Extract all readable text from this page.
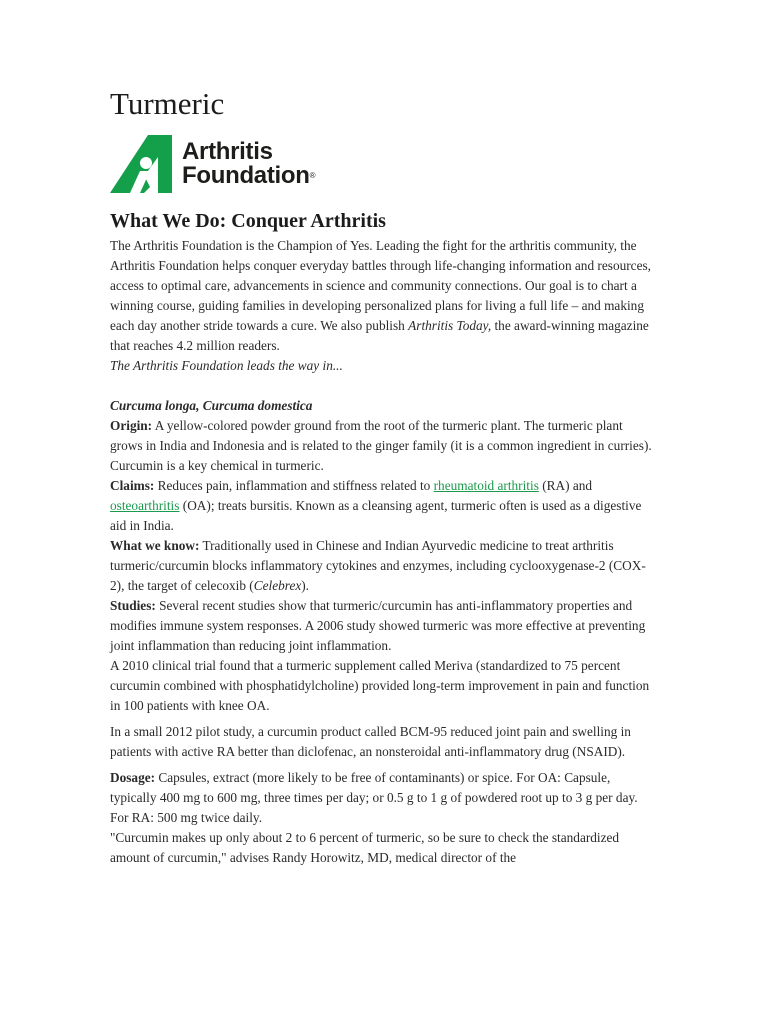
Turmeric
Arthritis
Foundation®
What We Do: Conquer Arthritis

The Arthritis Foundation is the Champion of Yes. Leading the fight for the arthritis community, the Arthritis Foundation helps conquer everyday battles through life-changing information and resources, access to optimal care, advancements in science and community connections. Our goal is to chart a winning course, guiding families in developing personalized plans for living a full life – and making each day another stride towards a cure. We also publish Arthritis Today, the award-winning magazine that reaches 4.2 million readers.

The Arthritis Foundation leads the way in...

Curcuma longa, Curcuma domestica

Origin: A yellow-colored powder ground from the root of the turmeric plant. The turmeric plant grows in India and Indonesia and is related to the ginger family (it is a common ingredient in curries). Curcumin is a key chemical in turmeric.

Claims: Reduces pain, inflammation and stiffness related to rheumatoid arthritis (RA) and osteoarthritis (OA); treats bursitis. Known as a cleansing agent, turmeric often is used as a digestive aid in India.

What we know: Traditionally used in Chinese and Indian Ayurvedic medicine to treat arthritis turmeric/curcumin blocks inflammatory cytokines and enzymes, including cyclooxygenase-2 (COX-2), the target of celecoxib (Celebrex).

Studies: Several recent studies show that turmeric/curcumin has anti-inflammatory properties and modifies immune system responses. A 2006 study showed turmeric was more effective at preventing joint inflammation than reducing joint inflammation.

A 2010 clinical trial found that a turmeric supplement called Meriva (standardized to 75 percent curcumin combined with phosphatidylcholine) provided long-term improvement in pain and function in 100 patients with knee OA.

In a small 2012 pilot study, a curcumin product called BCM-95 reduced joint pain and swelling in patients with active RA better than diclofenac, an nonsteroidal anti-inflammatory drug (NSAID).

Dosage: Capsules, extract (more likely to be free of contaminants) or spice. For OA: Capsule, typically 400 mg to 600 mg, three times per day; or 0.5 g to 1 g of powdered root up to 3 g per day. For RA: 500 mg twice daily.

"Curcumin makes up only about 2 to 6 percent of turmeric, so be sure to check the standardized amount of curcumin," advises Randy Horowitz, MD, medical director of the
